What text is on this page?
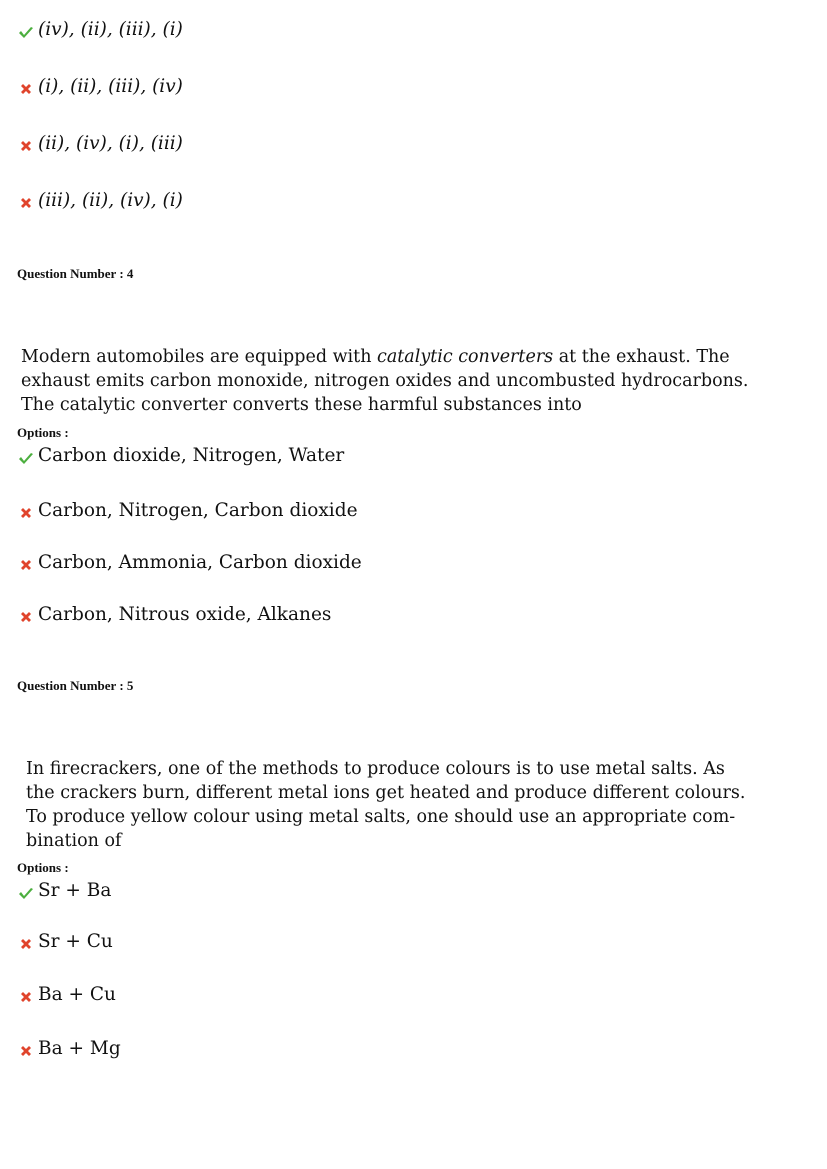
(iv), (ii), (iii), (i)
(i), (ii), (iii), (iv)
(ii), (iv), (i), (iii)
(iii), (ii), (iv), (i)
Question Number : 4
Modern automobiles are equipped with catalytic converters at the exhaust. The
exhaust emits carbon monoxide, nitrogen oxides and uncombusted hydrocarbons.
The catalytic converter converts these harmful substances into
Options :
Carbon dioxide, Nitrogen, Water
Carbon, Nitrogen, Carbon dioxide
Carbon, Ammonia, Carbon dioxide
Carbon, Nitrous oxide, Alkanes
Question Number : 5
In firecrackers, one of the methods to produce colours is to use metal salts. As
the crackers burn, different metal ions get heated and produce different colours.
To produce yellow colour using metal salts, one should use an appropriate com-
bination of
Options :
Sr + Ba
Sr + Cu
Ba + Cu
Ba + Mg
